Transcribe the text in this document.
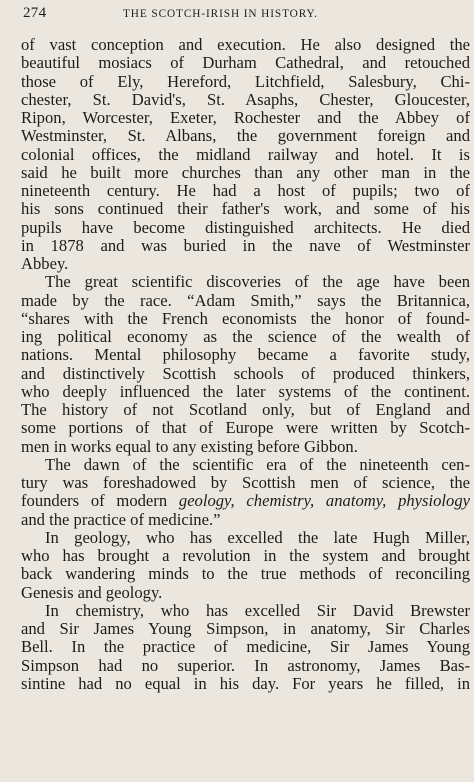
274	THE SCOTCH-IRISH IN HISTORY.
of vast conception and execution. He also designed the
beautiful mosiacs of Durham Cathedral, and retouched
those of Ely, Hereford, Litchfield, Salesbury, Chi-
chester, St. David's, St. Asaphs, Chester, Gloucester,
Ripon, Worcester, Exeter, Rochester and the Abbey of
Westminster, St. Albans, the government foreign and
colonial offices, the midland railway and hotel. It is
said he built more churches than any other man in the
nineteenth century. He had a host of pupils; two of
his sons continued their father's work, and some of his
pupils have become distinguished architects. He died
in 1878 and was buried in the nave of Westminster
Abbey.
The great scientific discoveries of the age have been
made by the race. “Adam Smith,” says the Britannica,
“shares with the French economists the honor of found-
ing political economy as the science of the wealth of
nations. Mental philosophy became a favorite study,
and distinctively Scottish schools of produced thinkers,
who deeply influenced the later systems of the continent.
The history of not Scotland only, but of England and
some portions of that of Europe were written by Scotch-
men in works equal to any existing before Gibbon.
The dawn of the scientific era of the nineteenth cen-
tury was foreshadowed by Scottish men of science, the
founders of modern geology, chemistry, anatomy, physiology
and the practice of medicine.”
In geology, who has excelled the late Hugh Miller,
who has brought a revolution in the system and brought
back wandering minds to the true methods of reconciling
Genesis and geology.
In chemistry, who has excelled Sir David Brewster
and Sir James Young Simpson, in anatomy, Sir Charles
Bell. In the practice of medicine, Sir James Young
Simpson had no superior. In astronomy, James Bas-
sintine had no equal in his day. For years he filled, in
